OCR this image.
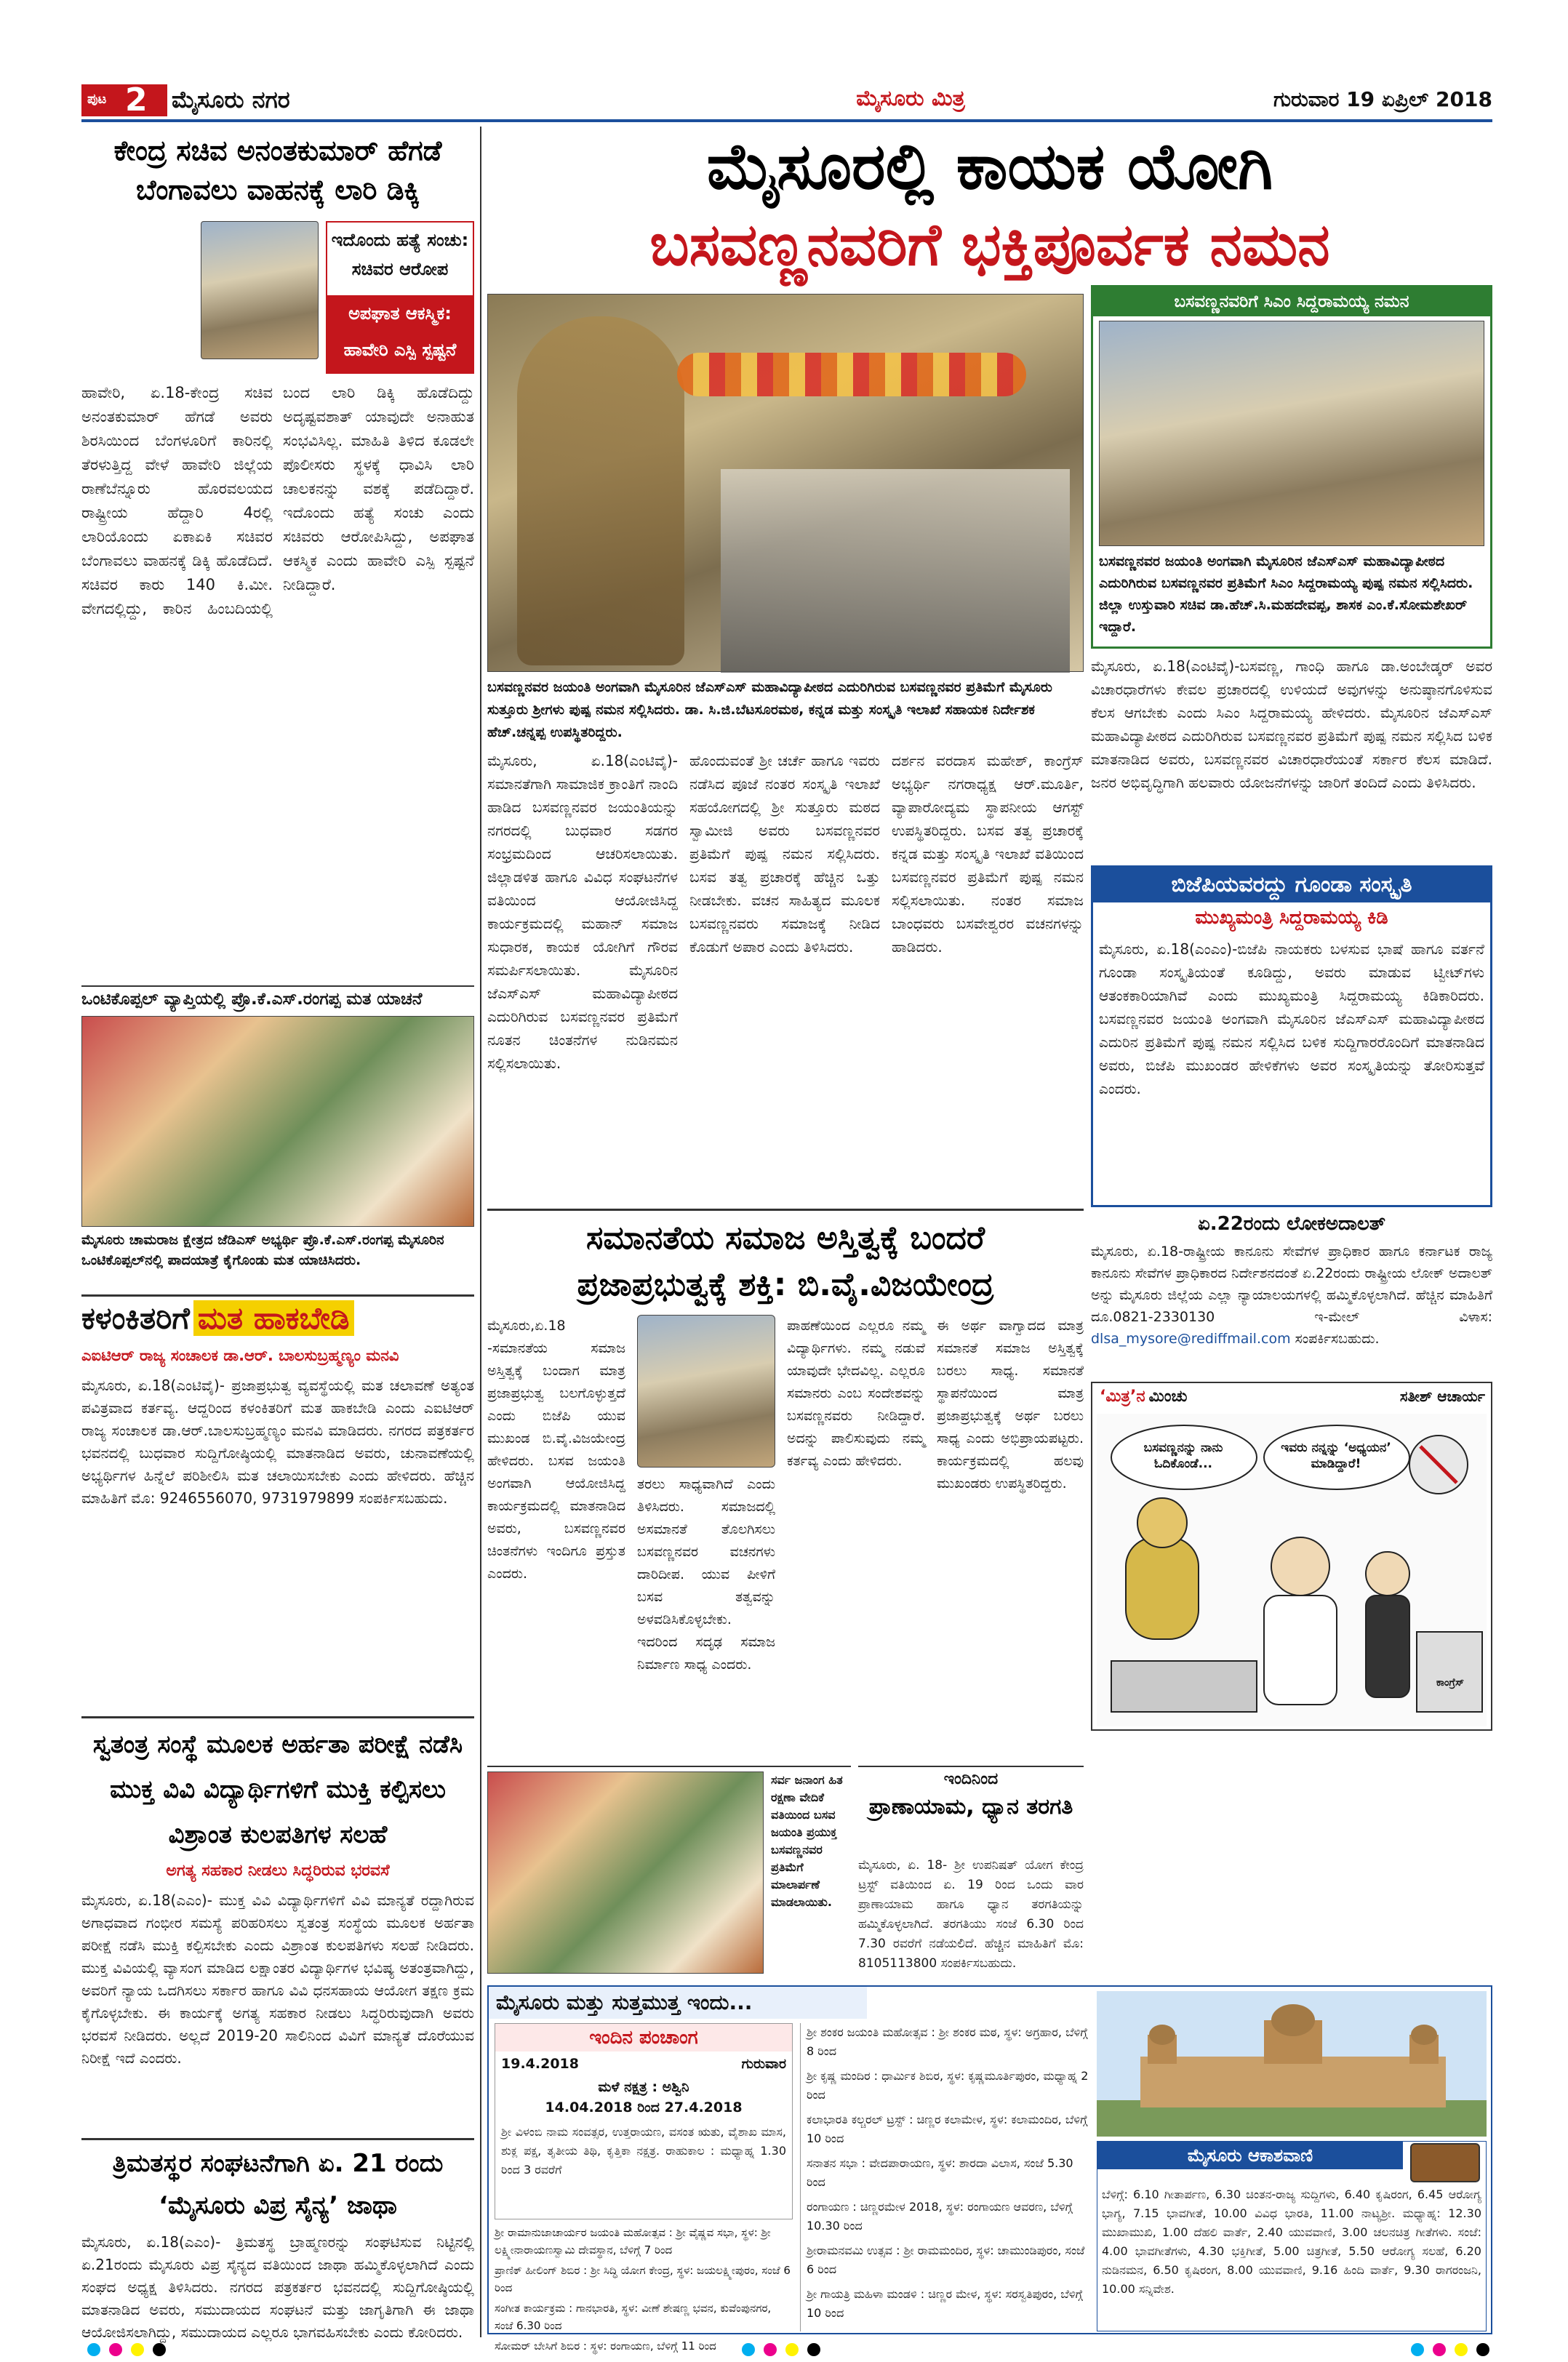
ಪುಟ 2 ಮೈಸೂರು ನಗರ	ಮೈಸೂರು ಮಿತ್ರ	ಗುರುವಾರ 19 ಏಪ್ರಿಲ್ 2018
ಕೇಂದ್ರ ಸಚಿವ ಅನಂತಕುಮಾರ್ ಹೆಗಡೆ ಬೆಂಗಾವಲು ವಾಹನಕ್ಕೆ ಲಾರಿ ಡಿಕ್ಕಿ
ಇದೊಂದು ಹತ್ಯೆ ಸಂಚು: ಸಚಿವರ ಆರೋಪ
ಅಪಘಾತ ಆಕಸ್ಮಿಕ: ಹಾವೇರಿ ಎಸ್ಪಿ ಸ್ಪಷ್ಟನೆ
ಹಾವೇರಿ, ಏ.18-ಕೇಂದ್ರ ಸಚಿವ ಅನಂತಕುಮಾರ್ ಹೆಗಡೆ ಅವರು ಶಿರಸಿಯಿಂದ ಬೆಂಗಳೂರಿಗೆ ಕಾರಿನಲ್ಲಿ ತೆರಳುತ್ತಿದ್ದ ವೇಳೆ ಹಾವೇರಿ ಜಿಲ್ಲೆಯ ರಾಣೆಬೆನ್ನೂರು ಹೊರವಲಯದ ರಾಷ್ಟ್ರೀಯ ಹೆದ್ದಾರಿ 4ರಲ್ಲಿ ಲಾರಿಯೊಂದು ಏಕಾಏಕಿ ಸಚಿವರ ಬೆಂಗಾವಲು ವಾಹನಕ್ಕೆ ಡಿಕ್ಕಿ ಹೊಡೆದಿದೆ. ಸಚಿವರ ಕಾರು 140 ಕಿ.ಮೀ. ವೇಗದಲ್ಲಿದ್ದು, ಕಾರಿನ ಹಿಂಬದಿಯಲ್ಲಿ ಬಂದ ಲಾರಿ ಡಿಕ್ಕಿ ಹೊಡೆದಿದ್ದು ಅದೃಷ್ಟವಶಾತ್ ಯಾವುದೇ ಅನಾಹುತ ಸಂಭವಿಸಿಲ್ಲ. ಮಾಹಿತಿ ತಿಳಿದ ಕೂಡಲೇ ಪೊಲೀಸರು ಸ್ಥಳಕ್ಕೆ ಧಾವಿಸಿ ಲಾರಿ ಚಾಲಕನನ್ನು ವಶಕ್ಕೆ ಪಡೆದಿದ್ದಾರೆ. ಇದೊಂದು ಹತ್ಯೆ ಸಂಚು ಎಂದು ಸಚಿವರು ಆರೋಪಿಸಿದ್ದು, ಅಪಘಾತ ಆಕಸ್ಮಿಕ ಎಂದು ಹಾವೇರಿ ಎಸ್ಪಿ ಸ್ಪಷ್ಟನೆ ನೀಡಿದ್ದಾರೆ.
ಒಂಟಿಕೊಪ್ಪಲ್ ವ್ಯಾಪ್ತಿಯಲ್ಲಿ ಪ್ರೊ.ಕೆ.ಎಸ್.ರಂಗಪ್ಪ ಮತ ಯಾಚನೆ
ಮೈಸೂರು ಚಾಮರಾಜ ಕ್ಷೇತ್ರದ ಜೆಡಿಎಸ್ ಅಭ್ಯರ್ಥಿ ಪ್ರೊ.ಕೆ.ಎಸ್.ರಂಗಪ್ಪ ಮೈಸೂರಿನ ಒಂಟಿಕೊಪ್ಪಲ್‌ನಲ್ಲಿ ಪಾದಯಾತ್ರೆ ಕೈಗೊಂಡು ಮತ ಯಾಚಿಸಿದರು.
ಕಳಂಕಿತರಿಗೆ ಮತ ಹಾಕಬೇಡಿ
ಎಐಟಿಆರ್ ರಾಜ್ಯ ಸಂಚಾಲಕ ಡಾ.ಆರ್. ಬಾಲಸುಬ್ರಹ್ಮಣ್ಯಂ ಮನವಿ
ಮೈಸೂರು, ಏ.18(ಎಂಟಿವೈ)- ಪ್ರಜಾಪ್ರಭುತ್ವ ವ್ಯವಸ್ಥೆಯಲ್ಲಿ ಮತ ಚಲಾವಣೆ ಅತ್ಯಂತ ಪವಿತ್ರವಾದ ಕರ್ತವ್ಯ. ಆದ್ದರಿಂದ ಕಳಂಕಿತರಿಗೆ ಮತ ಹಾಕಬೇಡಿ ಎಂದು ಎಐಟಿಆರ್ ರಾಜ್ಯ ಸಂಚಾಲಕ ಡಾ.ಆರ್.ಬಾಲಸುಬ್ರಹ್ಮಣ್ಯಂ ಮನವಿ ಮಾಡಿದರು. ನಗರದ ಪತ್ರಕರ್ತರ ಭವನದಲ್ಲಿ ಬುಧವಾರ ಸುದ್ದಿಗೋಷ್ಠಿಯಲ್ಲಿ ಮಾತನಾಡಿದ ಅವರು, ಚುನಾವಣೆಯಲ್ಲಿ ಅಭ್ಯರ್ಥಿಗಳ ಹಿನ್ನೆಲೆ ಪರಿಶೀಲಿಸಿ ಮತ ಚಲಾಯಿಸಬೇಕು ಎಂದು ಹೇಳಿದರು. ಹೆಚ್ಚಿನ ಮಾಹಿತಿಗೆ ಮೊ: 9246556070, 9731979899 ಸಂಪರ್ಕಿಸಬಹುದು.
ಸ್ವತಂತ್ರ ಸಂಸ್ಥೆ ಮೂಲಕ ಅರ್ಹತಾ ಪರೀಕ್ಷೆ ನಡೆಸಿ ಮುಕ್ತ ವಿವಿ ವಿದ್ಯಾರ್ಥಿಗಳಿಗೆ ಮುಕ್ತಿ ಕಲ್ಪಿಸಲು ವಿಶ್ರಾಂತ ಕುಲಪತಿಗಳ ಸಲಹೆ
ಅಗತ್ಯ ಸಹಕಾರ ನೀಡಲು ಸಿದ್ಧರಿರುವ ಭರವಸೆ
ಮೈಸೂರು, ಏ.18(ಎಎಂ)- ಮುಕ್ತ ವಿವಿ ವಿದ್ಯಾರ್ಥಿಗಳಿಗೆ ವಿವಿ ಮಾನ್ಯತೆ ರದ್ದಾಗಿರುವ ಅಗಾಧವಾದ ಗಂಭೀರ ಸಮಸ್ಯೆ ಪರಿಹರಿಸಲು ಸ್ವತಂತ್ರ ಸಂಸ್ಥೆಯ ಮೂಲಕ ಅರ್ಹತಾ ಪರೀಕ್ಷೆ ನಡೆಸಿ ಮುಕ್ತಿ ಕಲ್ಪಿಸಬೇಕು ಎಂದು ವಿಶ್ರಾಂತ ಕುಲಪತಿಗಳು ಸಲಹೆ ನೀಡಿದರು. ಮುಕ್ತ ವಿವಿಯಲ್ಲಿ ವ್ಯಾಸಂಗ ಮಾಡಿದ ಲಕ್ಷಾಂತರ ವಿದ್ಯಾರ್ಥಿಗಳ ಭವಿಷ್ಯ ಅತಂತ್ರವಾಗಿದ್ದು, ಅವರಿಗೆ ನ್ಯಾಯ ಒದಗಿಸಲು ಸರ್ಕಾರ ಹಾಗೂ ವಿವಿ ಧನಸಹಾಯ ಆಯೋಗ ತಕ್ಷಣ ಕ್ರಮ ಕೈಗೊಳ್ಳಬೇಕು. ಈ ಕಾರ್ಯಕ್ಕೆ ಅಗತ್ಯ ಸಹಕಾರ ನೀಡಲು ಸಿದ್ಧರಿರುವುದಾಗಿ ಅವರು ಭರವಸೆ ನೀಡಿದರು. ಅಲ್ಲದೆ 2019-20 ಸಾಲಿನಿಂದ ವಿವಿಗೆ ಮಾನ್ಯತೆ ದೊರೆಯುವ ನಿರೀಕ್ಷೆ ಇದೆ ಎಂದರು.
ತ್ರಿಮತಸ್ಥರ ಸಂಘಟನೆಗಾಗಿ ಏ. 21 ರಂದು ‘ಮೈಸೂರು ವಿಪ್ರ ಸೈನ್ಯ’ ಜಾಥಾ
ಮೈಸೂರು, ಏ.18(ಎಎಂ)- ತ್ರಿಮತಸ್ಥ ಬ್ರಾಹ್ಮಣರನ್ನು ಸಂಘಟಿಸುವ ನಿಟ್ಟಿನಲ್ಲಿ ಏ.21ರಂದು ಮೈಸೂರು ವಿಪ್ರ ಸೈನ್ಯದ ವತಿಯಿಂದ ಜಾಥಾ ಹಮ್ಮಿಕೊಳ್ಳಲಾಗಿದೆ ಎಂದು ಸಂಘದ ಅಧ್ಯಕ್ಷ ತಿಳಿಸಿದರು. ನಗರದ ಪತ್ರಕರ್ತರ ಭವನದಲ್ಲಿ ಸುದ್ದಿಗೋಷ್ಠಿಯಲ್ಲಿ ಮಾತನಾಡಿದ ಅವರು, ಸಮುದಾಯದ ಸಂಘಟನೆ ಮತ್ತು ಜಾಗೃತಿಗಾಗಿ ಈ ಜಾಥಾ ಆಯೋಜಿಸಲಾಗಿದ್ದು, ಸಮುದಾಯದ ಎಲ್ಲರೂ ಭಾಗವಹಿಸಬೇಕು ಎಂದು ಕೋರಿದರು.
ಮೈಸೂರಲ್ಲಿ ಕಾಯಕ ಯೋಗಿ
ಬಸವಣ್ಣನವರಿಗೆ ಭಕ್ತಿಪೂರ್ವಕ ನಮನ
ಬಸವಣ್ಣನವರ ಜಯಂತಿ ಅಂಗವಾಗಿ ಮೈಸೂರಿನ ಜೆಎಸ್‌ಎಸ್ ಮಹಾವಿದ್ಯಾಪೀಠದ ಎದುರಿಗಿರುವ ಬಸವಣ್ಣನವರ ಪ್ರತಿಮೆಗೆ ಮೈಸೂರು ಸುತ್ತೂರು ಶ್ರೀಗಳು ಪುಷ್ಪ ನಮನ ಸಲ್ಲಿಸಿದರು. ಡಾ. ಸಿ.ಜಿ.ಬೆಟಸೂರಮಠ, ಕನ್ನಡ ಮತ್ತು ಸಂಸ್ಕೃತಿ ಇಲಾಖೆ ಸಹಾಯಕ ನಿರ್ದೇಶಕ ಹೆಚ್.ಚನ್ನಪ್ಪ ಉಪಸ್ಥಿತರಿದ್ದರು.
ಮೈಸೂರು, ಏ.18(ಎಂಟಿವೈ)-ಸಮಾನತೆಗಾಗಿ ಸಾಮಾಜಿಕ ಕ್ರಾಂತಿಗೆ ನಾಂದಿ ಹಾಡಿದ ಬಸವಣ್ಣನವರ ಜಯಂತಿಯನ್ನು ನಗರದಲ್ಲಿ ಬುಧವಾರ ಸಡಗರ ಸಂಭ್ರಮದಿಂದ ಆಚರಿಸಲಾಯಿತು. ಜಿಲ್ಲಾಡಳಿತ ಹಾಗೂ ವಿವಿಧ ಸಂಘಟನೆಗಳ ವತಿಯಿಂದ ಆಯೋಜಿಸಿದ್ದ ಕಾರ್ಯಕ್ರಮದಲ್ಲಿ ಮಹಾನ್ ಸಮಾಜ ಸುಧಾರಕ, ಕಾಯಕ ಯೋಗಿಗೆ ಗೌರವ ಸಮರ್ಪಿಸಲಾಯಿತು. ಮೈಸೂರಿನ ಜೆಎಸ್‌ಎಸ್ ಮಹಾವಿದ್ಯಾಪೀಠದ ಎದುರಿಗಿರುವ ಬಸವಣ್ಣನವರ ಪ್ರತಿಮೆಗೆ ನೂತನ ಚಿಂತನೆಗಳ ನುಡಿನಮನ ಸಲ್ಲಿಸಲಾಯಿತು.
ಹೊಂದುವಂತೆ ಶ್ರೀ ಚರ್ಚೆ ಹಾಗೂ ಇವರು ನಡೆಸಿದ ಪೂಜೆ ನಂತರ ಸಂಸ್ಕೃತಿ ಇಲಾಖೆ ಸಹಯೋಗದಲ್ಲಿ ಶ್ರೀ ಸುತ್ತೂರು ಮಠದ ಸ್ವಾಮೀಜಿ ಅವರು ಬಸವಣ್ಣನವರ ಪ್ರತಿಮೆಗೆ ಪುಷ್ಪ ನಮನ ಸಲ್ಲಿಸಿದರು. ಬಸವ ತತ್ವ ಪ್ರಚಾರಕ್ಕೆ ಹೆಚ್ಚಿನ ಒತ್ತು ನೀಡಬೇಕು. ವಚನ ಸಾಹಿತ್ಯದ ಮೂಲಕ ಬಸವಣ್ಣನವರು ಸಮಾಜಕ್ಕೆ ನೀಡಿದ ಕೊಡುಗೆ ಅಪಾರ ಎಂದು ತಿಳಿಸಿದರು.
ದರ್ಶನ ವರದಾಸ ಮಹೇಶ್, ಕಾಂಗ್ರೆಸ್ ಅಭ್ಯರ್ಥಿ ನಗರಾಧ್ಯಕ್ಷ ಆರ್.ಮೂರ್ತಿ, ವ್ಯಾಪಾರೋದ್ಯಮ ಸ್ಥಾಪನೀಯ ಆಗಸ್ಟ್ ಉಪಸ್ಥಿತರಿದ್ದರು. ಬಸವ ತತ್ವ ಪ್ರಚಾರಕ್ಕೆ ಕನ್ನಡ ಮತ್ತು ಸಂಸ್ಕೃತಿ ಇಲಾಖೆ ವತಿಯಿಂದ ಬಸವಣ್ಣನವರ ಪ್ರತಿಮೆಗೆ ಪುಷ್ಪ ನಮನ ಸಲ್ಲಿಸಲಾಯಿತು. ನಂತರ ಸಮಾಜ ಬಾಂಧವರು ಬಸವೇಶ್ವರರ ವಚನಗಳನ್ನು ಹಾಡಿದರು.
ಬಸವಣ್ಣನವರಿಗೆ ಸಿಎಂ ಸಿದ್ದರಾಮಯ್ಯ ನಮನ
ಬಸವಣ್ಣನವರ ಜಯಂತಿ ಅಂಗವಾಗಿ ಮೈಸೂರಿನ ಜೆಎಸ್‌ಎಸ್ ಮಹಾವಿದ್ಯಾಪೀಠದ ಎದುರಿಗಿರುವ ಬಸವಣ್ಣನವರ ಪ್ರತಿಮೆಗೆ ಸಿಎಂ ಸಿದ್ದರಾಮಯ್ಯ ಪುಷ್ಪ ನಮನ ಸಲ್ಲಿಸಿದರು. ಜಿಲ್ಲಾ ಉಸ್ತುವಾರಿ ಸಚಿವ ಡಾ.ಹೆಚ್.ಸಿ.ಮಹದೇವಪ್ಪ, ಶಾಸಕ ಎಂ.ಕೆ.ಸೋಮಶೇಖರ್ ಇದ್ದಾರೆ.
ಮೈಸೂರು, ಏ.18(ಎಂಟಿವೈ)-ಬಸವಣ್ಣ, ಗಾಂಧಿ ಹಾಗೂ ಡಾ.ಅಂಬೇಡ್ಕರ್ ಅವರ ವಿಚಾರಧಾರೆಗಳು ಕೇವಲ ಪ್ರಚಾರದಲ್ಲಿ ಉಳಿಯದೆ ಅವುಗಳನ್ನು ಅನುಷ್ಠಾನಗೊಳಿಸುವ ಕೆಲಸ ಆಗಬೇಕು ಎಂದು ಸಿಎಂ ಸಿದ್ದರಾಮಯ್ಯ ಹೇಳಿದರು. ಮೈಸೂರಿನ ಜೆಎಸ್‌ಎಸ್ ಮಹಾವಿದ್ಯಾಪೀಠದ ಎದುರಿಗಿರುವ ಬಸವಣ್ಣನವರ ಪ್ರತಿಮೆಗೆ ಪುಷ್ಪ ನಮನ ಸಲ್ಲಿಸಿದ ಬಳಿಕ ಮಾತನಾಡಿದ ಅವರು, ಬಸವಣ್ಣನವರ ವಿಚಾರಧಾರೆಯಂತೆ ಸರ್ಕಾರ ಕೆಲಸ ಮಾಡಿದೆ. ಜನರ ಅಭಿವೃದ್ಧಿಗಾಗಿ ಹಲವಾರು ಯೋಜನೆಗಳನ್ನು ಜಾರಿಗೆ ತಂದಿದೆ ಎಂದು ತಿಳಿಸಿದರು.
ಬಿಜೆಪಿಯವರದ್ದು ಗೂಂಡಾ ಸಂಸ್ಕೃತಿ
ಮುಖ್ಯಮಂತ್ರಿ ಸಿದ್ದರಾಮಯ್ಯ ಕಿಡಿ
ಮೈಸೂರು, ಏ.18(ಎಂಎಂ)-ಬಿಜೆಪಿ ನಾಯಕರು ಬಳಸುವ ಭಾಷೆ ಹಾಗೂ ವರ್ತನೆ ಗೂಂಡಾ ಸಂಸ್ಕೃತಿಯಂತೆ ಕೂಡಿದ್ದು, ಅವರು ಮಾಡುವ ಟ್ವೀಟ್‌ಗಳು ಆತಂಕಕಾರಿಯಾಗಿವೆ ಎಂದು ಮುಖ್ಯಮಂತ್ರಿ ಸಿದ್ದರಾಮಯ್ಯ ಕಿಡಿಕಾರಿದರು. ಬಸವಣ್ಣನವರ ಜಯಂತಿ ಅಂಗವಾಗಿ ಮೈಸೂರಿನ ಜೆಎಸ್‌ಎಸ್ ಮಹಾವಿದ್ಯಾಪೀಠದ ಎದುರಿನ ಪ್ರತಿಮೆಗೆ ಪುಷ್ಪ ನಮನ ಸಲ್ಲಿಸಿದ ಬಳಿಕ ಸುದ್ದಿಗಾರರೊಂದಿಗೆ ಮಾತನಾಡಿದ ಅವರು, ಬಿಜೆಪಿ ಮುಖಂಡರ ಹೇಳಿಕೆಗಳು ಅವರ ಸಂಸ್ಕೃತಿಯನ್ನು ತೋರಿಸುತ್ತವೆ ಎಂದರು.
ಏ.22ರಂದು ಲೋಕಅದಾಲತ್
ಮೈಸೂರು, ಏ.18-ರಾಷ್ಟ್ರೀಯ ಕಾನೂನು ಸೇವೆಗಳ ಪ್ರಾಧಿಕಾರ ಹಾಗೂ ಕರ್ನಾಟಕ ರಾಜ್ಯ ಕಾನೂನು ಸೇವೆಗಳ ಪ್ರಾಧಿಕಾರದ ನಿರ್ದೇಶನದಂತೆ ಏ.22ರಂದು ರಾಷ್ಟ್ರೀಯ ಲೋಕ್ ಅದಾಲತ್ ಅನ್ನು ಮೈಸೂರು ಜಿಲ್ಲೆಯ ಎಲ್ಲಾ ನ್ಯಾಯಾಲಯಗಳಲ್ಲಿ ಹಮ್ಮಿಕೊಳ್ಳಲಾಗಿದೆ. ಹೆಚ್ಚಿನ ಮಾಹಿತಿಗೆ ದೂ.0821-2330130 ಇ-ಮೇಲ್ ವಿಳಾಸ: dlsa_mysore@rediffmail.com ಸಂಪರ್ಕಿಸಬಹುದು.
‘ಮಿತ್ರ’ನ ಮಿಂಚು	ಸತೀಶ್ ಆಚಾರ್ಯ
ಬಸವಣ್ಣನನ್ನು ನಾನು ಓದಿಕೊಂಡೆ...
ಇವರು ನನ್ನನ್ನು ‘ಅಧ್ಯಯನ’ ಮಾಡಿದ್ದಾರೆ!
ಕಾಂಗ್ರೆಸ್
ಸಮಾನತೆಯ ಸಮಾಜ ಅಸ್ತಿತ್ವಕ್ಕೆ ಬಂದರೆ
ಪ್ರಜಾಪ್ರಭುತ್ವಕ್ಕೆ ಶಕ್ತಿ: ಬಿ.ವೈ.ವಿಜಯೇಂದ್ರ
ಮೈಸೂರು,ಏ.18 -ಸಮಾನತೆಯ ಸಮಾಜ ಅಸ್ತಿತ್ವಕ್ಕೆ ಬಂದಾಗ ಮಾತ್ರ ಪ್ರಜಾಪ್ರಭುತ್ವ ಬಲಗೊಳ್ಳುತ್ತದೆ ಎಂದು ಬಿಜೆಪಿ ಯುವ ಮುಖಂಡ ಬಿ.ವೈ.ವಿಜಯೇಂದ್ರ ಹೇಳಿದರು. ಬಸವ ಜಯಂತಿ ಅಂಗವಾಗಿ ಆಯೋಜಿಸಿದ್ದ ಕಾರ್ಯಕ್ರಮದಲ್ಲಿ ಮಾತನಾಡಿದ ಅವರು, ಬಸವಣ್ಣನವರ ಚಿಂತನೆಗಳು ಇಂದಿಗೂ ಪ್ರಸ್ತುತ ಎಂದರು.
ತರಲು ಸಾಧ್ಯವಾಗಿದೆ ಎಂದು ತಿಳಿಸಿದರು. ಸಮಾಜದಲ್ಲಿ ಅಸಮಾನತೆ ತೊಲಗಿಸಲು ಬಸವಣ್ಣನವರ ವಚನಗಳು ದಾರಿದೀಪ. ಯುವ ಪೀಳಿಗೆ ಬಸವ ತತ್ವವನ್ನು ಅಳವಡಿಸಿಕೊಳ್ಳಬೇಕು. ಇದರಿಂದ ಸದೃಢ ಸಮಾಜ ನಿರ್ಮಾಣ ಸಾಧ್ಯ ಎಂದರು.
ಪಾಹಣೆಯಿಂದ ಎಲ್ಲರೂ ನಮ್ಮ ವಿದ್ಯಾರ್ಥಿಗಳು. ನಮ್ಮ ನಡುವೆ ಯಾವುದೇ ಭೇದವಿಲ್ಲ. ಎಲ್ಲರೂ ಸಮಾನರು ಎಂಬ ಸಂದೇಶವನ್ನು ಬಸವಣ್ಣನವರು ನೀಡಿದ್ದಾರೆ. ಅದನ್ನು ಪಾಲಿಸುವುದು ನಮ್ಮ ಕರ್ತವ್ಯ ಎಂದು ಹೇಳಿದರು.
ಈ ಅರ್ಥ ವಾಗ್ವಾದದ ಮಾತ್ರ ಸಮಾನತೆ ಸಮಾಜ ಅಸ್ತಿತ್ವಕ್ಕೆ ಬರಲು ಸಾಧ್ಯ. ಸಮಾನತೆ ಸ್ಥಾಪನೆಯಿಂದ ಮಾತ್ರ ಪ್ರಜಾಪ್ರಭುತ್ವಕ್ಕೆ ಅರ್ಥ ಬರಲು ಸಾಧ್ಯ ಎಂದು ಅಭಿಪ್ರಾಯಪಟ್ಟರು. ಕಾರ್ಯಕ್ರಮದಲ್ಲಿ ಹಲವು ಮುಖಂಡರು ಉಪಸ್ಥಿತರಿದ್ದರು.
ಸರ್ವ ಜನಾಂಗ ಹಿತ ರಕ್ಷಣಾ ವೇದಿಕೆ ವತಿಯಿಂದ ಬಸವ ಜಯಂತಿ ಪ್ರಯುಕ್ತ ಬಸವಣ್ಣನವರ ಪ್ರತಿಮೆಗೆ ಮಾಲಾರ್ಪಣೆ ಮಾಡಲಾಯಿತು.
ಇಂದಿನಿಂದ
ಪ್ರಾಣಾಯಾಮ, ಧ್ಯಾನ ತರಗತಿ
ಮೈಸೂರು, ಏ. 18- ಶ್ರೀ ಉಪನಿಷತ್ ಯೋಗ ಕೇಂದ್ರ ಟ್ರಸ್ಟ್ ವತಿಯಿಂದ ಏ. 19 ರಿಂದ ಒಂದು ವಾರ ಪ್ರಾಣಾಯಾಮ ಹಾಗೂ ಧ್ಯಾನ ತರಗತಿಯನ್ನು ಹಮ್ಮಿಕೊಳ್ಳಲಾಗಿದೆ. ತರಗತಿಯು ಸಂಜೆ 6.30 ರಿಂದ 7.30 ರವರೆಗೆ ನಡೆಯಲಿದೆ. ಹೆಚ್ಚಿನ ಮಾಹಿತಿಗೆ ಮೊ: 8105113800 ಸಂಪರ್ಕಿಸಬಹುದು.
ಮೈಸೂರು ಮತ್ತು ಸುತ್ತಮುತ್ತ ಇಂದು...
ಇಂದಿನ ಪಂಚಾಂಗ
19.4.2018	ಗುರುವಾರ
ಮಳೆ ನಕ್ಷತ್ರ : ಅಶ್ವಿನಿ
14.04.2018 ರಿಂದ 27.4.2018
ಶ್ರೀ ವಿಳಂಬಿ ನಾಮ ಸಂವತ್ಸರ, ಉತ್ತರಾಯಣ, ವಸಂತ ಋತು, ವೈಶಾಖ ಮಾಸ, ಶುಕ್ಲ ಪಕ್ಷ, ತೃತೀಯ ತಿಥಿ, ಕೃತ್ತಿಕಾ ನಕ್ಷತ್ರ. ರಾಹುಕಾಲ : ಮಧ್ಯಾಹ್ನ 1.30 ರಿಂದ 3 ರವರೆಗೆ
ಶ್ರೀ ರಾಮಾನುಜಾಚಾರ್ಯರ ಜಯಂತಿ ಮಹೋತ್ಸವ : ಶ್ರೀ ವೈಷ್ಣವ ಸಭಾ, ಸ್ಥಳ: ಶ್ರೀ ಲಕ್ಷ್ಮೀನಾರಾಯಣಸ್ವಾಮಿ ದೇವಸ್ಥಾನ, ಬೆಳಿಗ್ಗೆ 7 ರಿಂದ
ಪ್ರಾಣಿಕ್ ಹೀಲಿಂಗ್ ಶಿಬಿರ : ಶ್ರೀ ಸಿದ್ಧಿ ಯೋಗ ಕೇಂದ್ರ, ಸ್ಥಳ: ಜಯಲಕ್ಷ್ಮೀಪುರಂ, ಸಂಜೆ 6 ರಿಂದ
ಸಂಗೀತ ಕಾರ್ಯಕ್ರಮ : ಗಾನಭಾರತಿ, ಸ್ಥಳ: ವೀಣೆ ಶೇಷಣ್ಣ ಭವನ, ಕುವೆಂಪುನಗರ, ಸಂಜೆ 6.30 ರಿಂದ
ಸೋಮರ್ ಬೇಸಿಗೆ ಶಿಬಿರ : ಸ್ಥಳ: ರಂಗಾಯಣ, ಬೆಳಿಗ್ಗೆ 11 ರಿಂದ
ಶ್ರೀ ಶಂಕರ ಜಯಂತಿ ಮಹೋತ್ಸವ : ಶ್ರೀ ಶಂಕರ ಮಠ, ಸ್ಥಳ: ಅಗ್ರಹಾರ, ಬೆಳಿಗ್ಗೆ 8 ರಿಂದ
ಶ್ರೀ ಕೃಷ್ಣ ಮಂದಿರ : ಧಾರ್ಮಿಕ ಶಿಬಿರ, ಸ್ಥಳ: ಕೃಷ್ಣಮೂರ್ತಿಪುರಂ, ಮಧ್ಯಾಹ್ನ 2 ರಿಂದ
ಕಲಾಭಾರತಿ ಕಲ್ಚರಲ್ ಟ್ರಸ್ಟ್ : ಚಿಣ್ಣರ ಕಲಾಮೇಳ, ಸ್ಥಳ: ಕಲಾಮಂದಿರ, ಬೆಳಿಗ್ಗೆ 10 ರಿಂದ
ಸನಾತನ ಸಭಾ : ವೇದಪಾರಾಯಣ, ಸ್ಥಳ: ಶಾರದಾ ವಿಲಾಸ, ಸಂಜೆ 5.30 ರಿಂದ
ರಂಗಾಯಣ : ಚಿಣ್ಣರಮೇಳ 2018, ಸ್ಥಳ: ರಂಗಾಯಣ ಆವರಣ, ಬೆಳಿಗ್ಗೆ 10.30 ರಿಂದ
ಶ್ರೀರಾಮನವಮಿ ಉತ್ಸವ : ಶ್ರೀ ರಾಮಮಂದಿರ, ಸ್ಥಳ: ಚಾಮುಂಡಿಪುರಂ, ಸಂಜೆ 6 ರಿಂದ
ಶ್ರೀ ಗಾಯತ್ರಿ ಮಹಿಳಾ ಮಂಡಳಿ : ಚಿಣ್ಣರ ಮೇಳ, ಸ್ಥಳ: ಸರಸ್ವತಿಪುರಂ, ಬೆಳಿಗ್ಗೆ 10 ರಿಂದ
ಮೈಸೂರು ಆಕಾಶವಾಣಿ
ಬೆಳಿಗ್ಗೆ: 6.10 ಗೀತಾರ್ಪಣ, 6.30 ಚಿಂತನ-ರಾಜ್ಯ ಸುದ್ದಿಗಳು, 6.40 ಕೃಷಿರಂಗ, 6.45 ಆರೋಗ್ಯ ಭಾಗ್ಯ, 7.15 ಭಾವಗೀತೆ, 10.00 ವಿವಿಧ ಭಾರತಿ, 11.00 ನಾಟ್ಯಶ್ರೀ. ಮಧ್ಯಾಹ್ನ: 12.30 ಮುಖಾಮುಖಿ, 1.00 ದೆಹಲಿ ವಾರ್ತೆ, 2.40 ಯುವವಾಣಿ, 3.00 ಚಲನಚಿತ್ರ ಗೀತೆಗಳು. ಸಂಜೆ: 4.00 ಭಾವಗೀತೆಗಳು, 4.30 ಭಕ್ತಿಗೀತೆ, 5.00 ಚಿತ್ರಗೀತೆ, 5.50 ಆರೋಗ್ಯ ಸಲಹೆ, 6.20 ನುಡಿನಮನ, 6.50 ಕೃಷಿರಂಗ, 8.00 ಯುವವಾಣಿ, 9.16 ಹಿಂದಿ ವಾರ್ತೆ, 9.30 ರಾಗರಂಜನಿ, 10.00 ಸನ್ನಿವೇಶ.
